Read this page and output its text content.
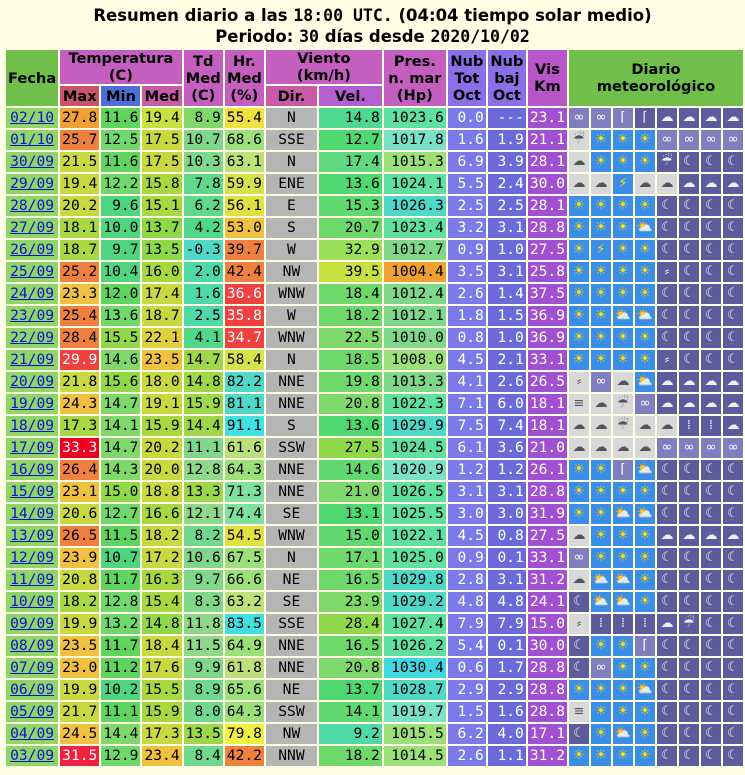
Resumen diario a las 18:00 UTC. (04:04 tiempo solar medio)
Periodo: 30 días desde 2020/10/02
Fecha	Temperatura (C)			Td Med (C)	Hr. Med (%)	Viento (km/h)		Pres. n. mar (Hp)	Nub Tot Oct	Nub baj Oct	Vis Km	Diario meteorológico							
	Max	Min	Med			Dir.	Vel.												
02/10	27.8	11.6	19.4	8.9	55.4	N	14.8	1023.6	0.0	---	23.1	∞	∞	⌈	⌈	☁	☁	☁	☁
01/10	25.7	12.5	17.5	10.7	68.6	SSE	12.7	1017.8	1.6	1.9	21.1	☔	☀	☀	☀	∞	∞	∞	∞
30/09	21.5	11.6	17.5	10.3	63.1	N	17.4	1015.3	6.9	3.9	28.1	☁	☀	☀	☀	☔	☾	☾	☾
29/09	19.4	12.2	15.8	7.8	59.9	ENE	13.6	1024.1	5.5	2.4	30.0	☁	☁	⚡	☁	☁	☁	☁	☁
28/09	20.2	9.6	15.1	6.2	56.1	E	15.3	1026.3	2.5	2.5	28.1	☀	☀	☀	☀	☾	☾	☾	☾
27/09	18.1	10.0	13.7	4.2	53.0	S	20.7	1023.4	3.2	3.1	28.8	☀	☀	☀	⛅	☾	☾	☾	☾
26/09	18.7	9.7	13.5	-0.3	39.7	W	32.9	1012.7	0.9	1.0	27.5	☀	⚡	☀	☀	☾	☾	☾	☾
25/09	25.2	10.4	16.0	2.0	42.4	NW	39.5	1004.4	3.5	3.1	25.8	☀	☀	☀	☀	⸗	☾	☾	☾
24/09	23.3	12.0	17.4	1.6	36.6	WNW	18.4	1012.4	2.6	1.4	37.5	☀	☀	☀	☀	☾	☾	☾	☾
23/09	25.4	13.6	18.7	2.5	35.8	W	18.2	1012.1	1.8	1.5	36.9	☀	☀	⛅	⛅	☾	☾	☾	☾
22/09	28.4	15.5	22.1	4.1	34.7	WNW	22.5	1010.0	0.8	1.0	36.9	☀	☀	☀	☀	☾	☾	☾	☾
21/09	29.9	14.6	23.5	14.7	58.4	N	18.5	1008.0	4.5	2.1	33.1	☀	☀	☀	☀	⸗	☾	☾	☾
20/09	21.8	15.6	18.0	14.8	82.2	NNE	19.8	1013.3	4.1	2.6	26.5	⸗	∞	☁	⛅	☁	☁	☁	☁
19/09	24.3	14.7	19.1	15.9	81.1	NNE	20.8	1022.3	7.1	6.0	18.1	≡	☁	☔	∞	☁	☁	☁	☁
18/09	17.3	14.1	15.9	14.4	91.1	S	13.6	1029.9	7.5	7.4	18.1	☁	☁	☔	☁	☁	⁞	⁞	☁
17/09	33.3	14.7	20.2	11.1	61.6	SSW	27.5	1024.5	6.1	3.6	21.0	☁	☁	☁	☁	∞	∞	∞	∞
16/09	26.4	14.3	20.0	12.8	64.3	NNE	14.6	1020.9	1.2	1.2	26.1	☀	☀	⌈	⛅	☾	☾	☾	☾
15/09	23.1	15.0	18.8	13.3	71.3	NNE	21.0	1026.5	3.1	3.1	28.8	☀	☀	☀	☀	☾	☾	☾	☾
14/09	20.6	12.7	16.6	12.1	74.4	SE	13.1	1025.5	3.0	3.0	31.9	☀	☀	⛅	⛅	☾	☾	☾	☾
13/09	26.5	11.5	18.2	8.2	54.5	WNW	15.0	1022.1	4.5	0.8	27.5	☁	☀	☀	☀	☁	☁	☁	☁
12/09	23.9	10.7	17.2	10.6	67.5	N	17.1	1025.0	0.9	0.1	33.1	∞	☀	☀	☀	☾	☾	☾	☾
11/09	20.8	11.7	16.3	9.7	66.6	NE	16.5	1029.8	2.8	3.1	31.2	☁	⛅	⛅	☀	☾	☾	☾	☾
10/09	18.2	12.8	15.4	8.3	63.2	SE	23.9	1029.2	4.8	4.8	24.1	☾	⛅	⛅	☀	☾	☾	☾	☾
09/09	19.9	13.2	14.8	11.8	83.5	SSE	28.4	1027.4	7.9	7.9	15.0	⸗	⁞	⁞	⁞	☁	☔	☾	☾
08/09	23.5	11.7	18.4	11.5	64.9	NNE	16.5	1026.2	5.4	0.1	30.0	☾	☀	☀	⌈	☾	☾	☾	☾
07/09	23.0	11.2	17.6	9.9	61.8	NNE	20.8	1030.4	0.6	1.7	28.8	☾	∞	☀	☀	☾	☾	☾	☾
06/09	19.9	10.2	15.5	8.9	65.6	NE	13.7	1028.7	2.9	2.9	28.8	☀	☀	☀	⛅	☾	☾	☾	☾
05/09	21.7	11.1	15.9	8.0	64.3	SSW	14.1	1019.7	1.5	1.6	28.8	≡	☀	☀	☀	☾	☾	☾	☾
04/09	24.5	14.4	17.3	13.5	79.8	NW	9.2	1015.5	6.2	4.0	17.1	☾	☀	⛅	☀	☾	☾	☾	☾
03/09	31.5	12.9	23.4	8.4	42.2	NNW	18.2	1014.5	2.6	1.1	31.2	☀	☀	☀	☀	☾	☾	☾	☾
